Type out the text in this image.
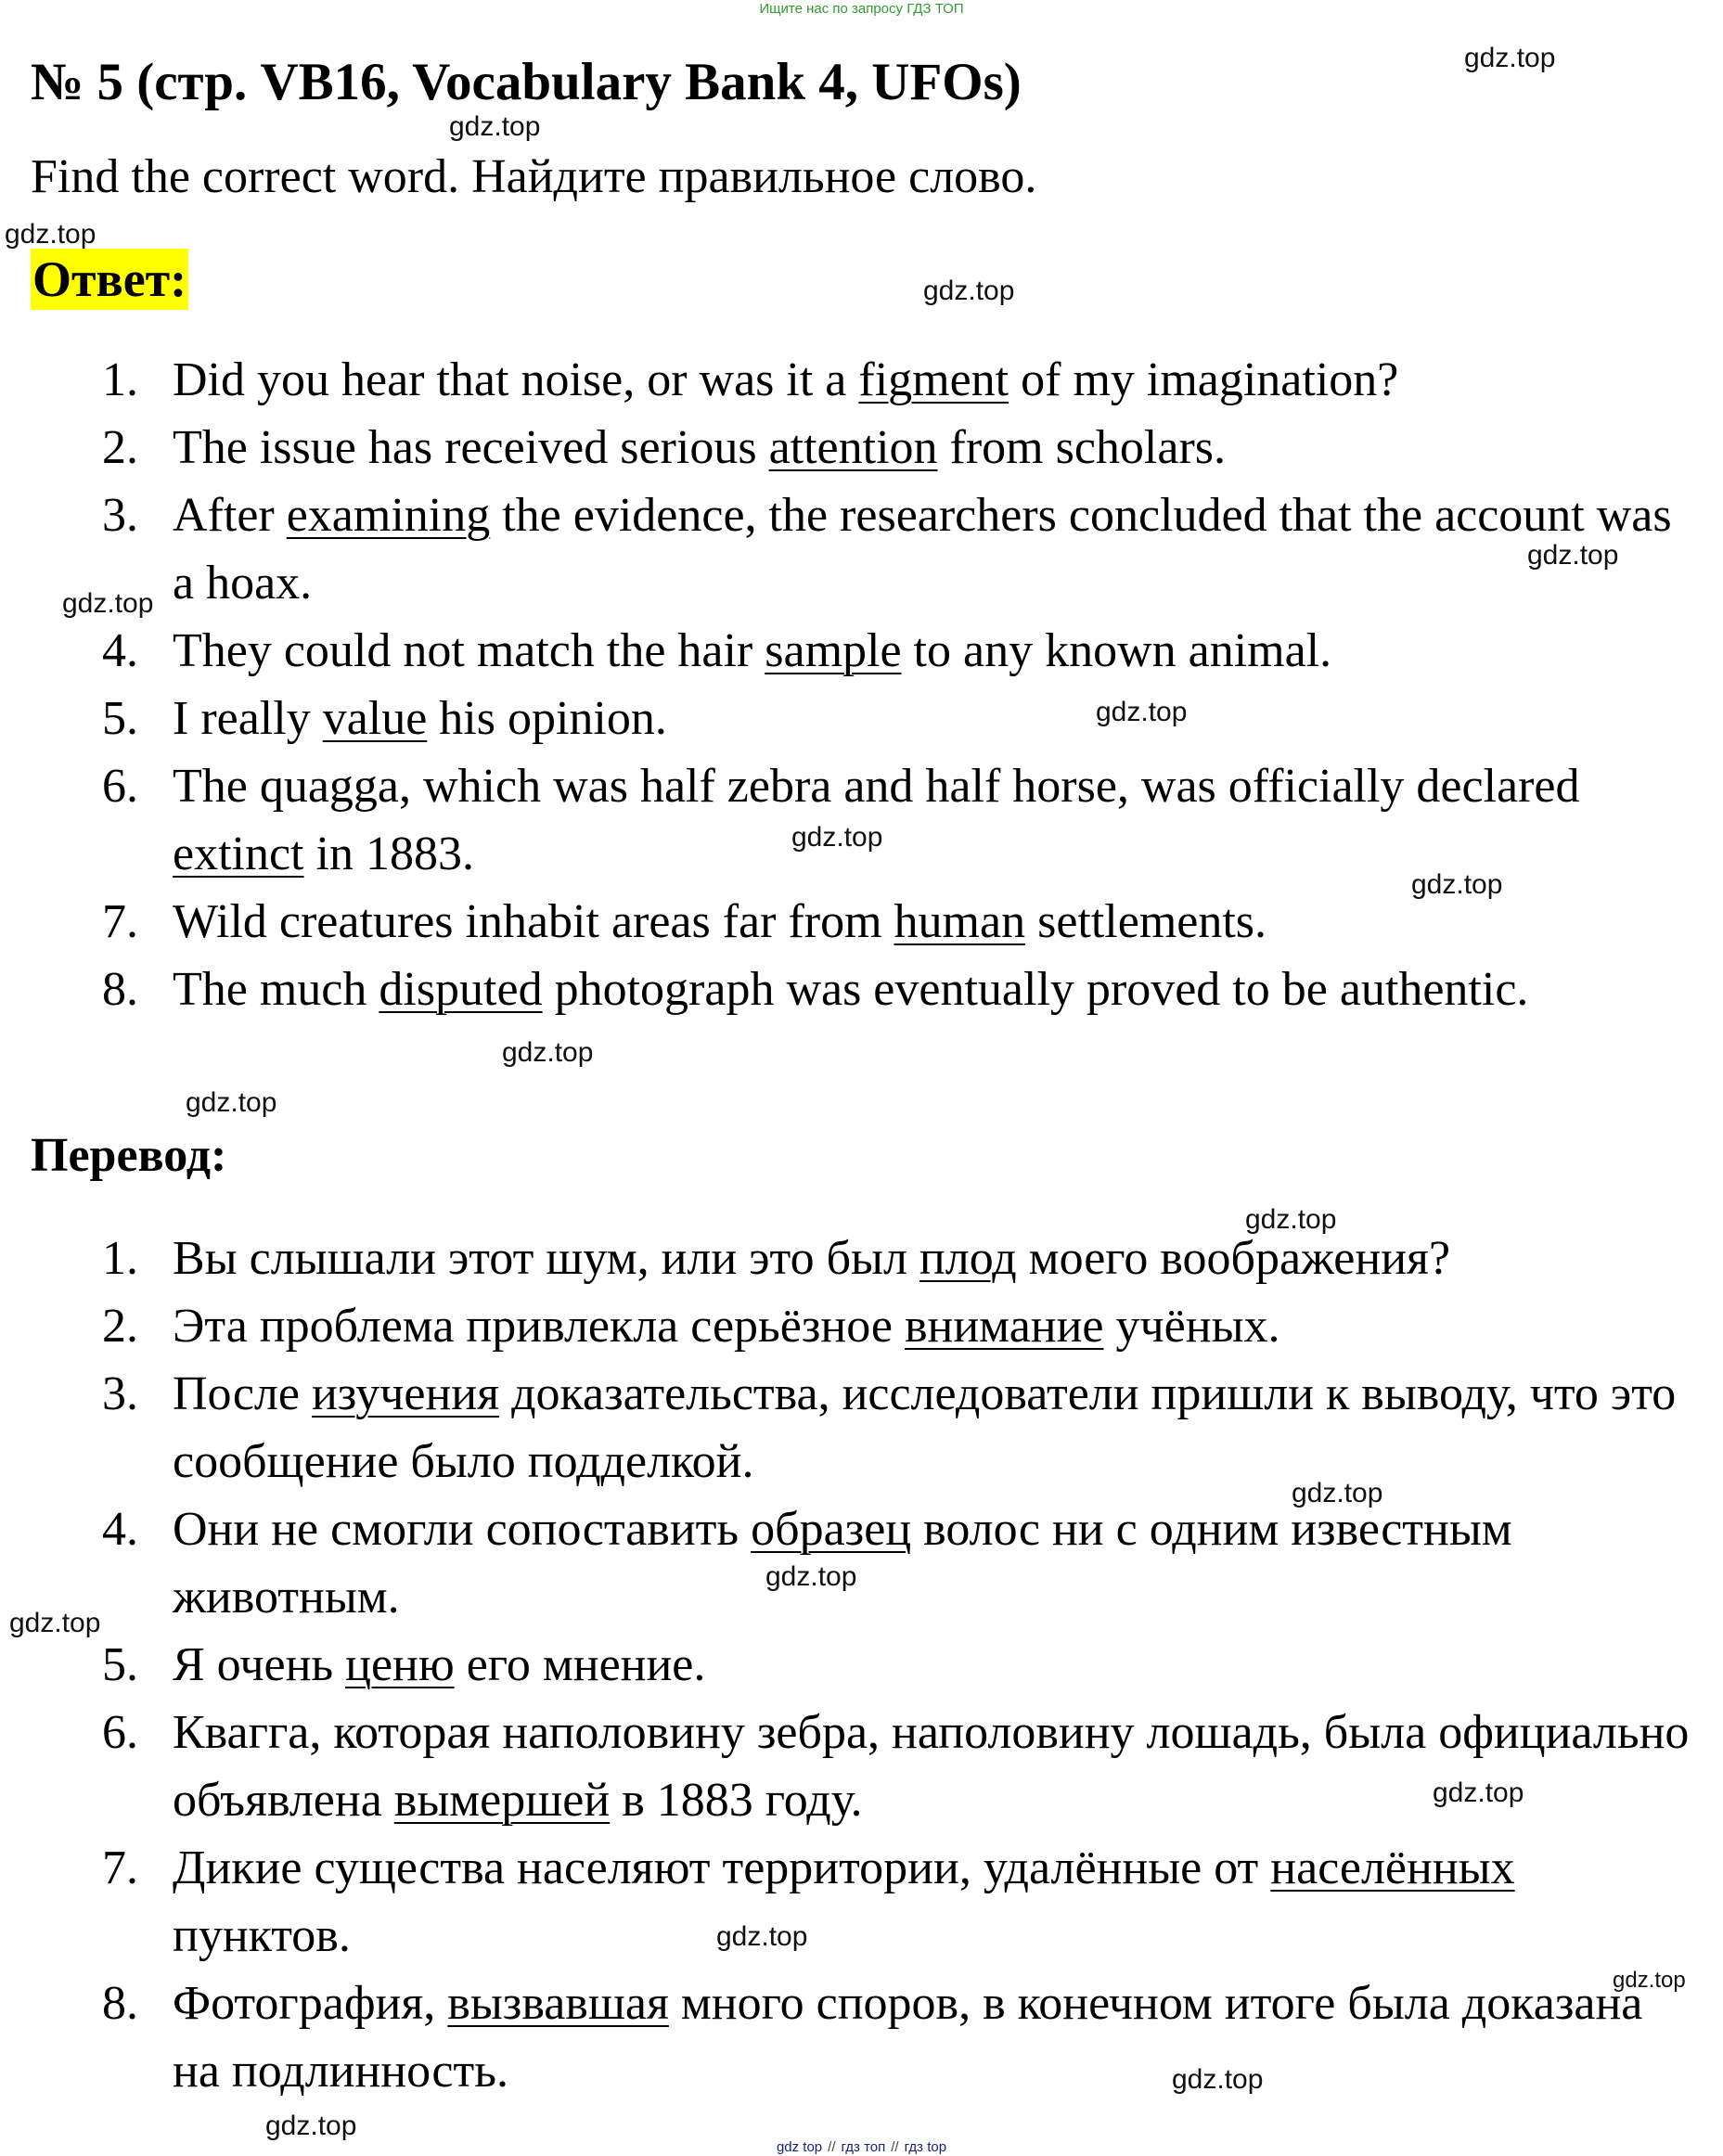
Ищите нас по запросу ГДЗ ТОП
№ 5 (стр. VB16, Vocabulary Bank 4, UFOs)
Find the correct word. Найдите правильное слово.
Ответ:
1. Did you hear that noise, or was it a figment of my imagination?
2. The issue has received serious attention from scholars.
3. After examining the evidence, the researchers concluded that the account was a hoax.
4. They could not match the hair sample to any known animal.
5. I really value his opinion.
6. The quagga, which was half zebra and half horse, was officially declared extinct in 1883.
7. Wild creatures inhabit areas far from human settlements.
8. The much disputed photograph was eventually proved to be authentic.
Перевод:
1. Вы слышали этот шум, или это был плод моего воображения?
2. Эта проблема привлекла серьёзное внимание учёных.
3. После изучения доказательства, исследователи пришли к выводу, что это сообщение было подделкой.
4. Они не смогли сопоставить образец волос ни с одним известным животным.
5. Я очень ценю его мнение.
6. Квагга, которая наполовину зебра, наполовину лошадь, была официально объявлена вымершей в 1883 году.
7. Дикие существа населяют территории, удалённые от населённых пунктов.
8. Фотография, вызвавшая много споров, в конечном итоге была доказана на подлинность.
gdz.top
gdz.top
gdz.top
gdz.top
gdz.top
gdz.top
gdz.top
gdz.top
gdz.top
gdz.top
gdz.top
gdz.top
gdz.top
gdz.top
gdz.top
gdz.top
gdz.top
gdz.top
gdz.top
gdz.top
gdz top // гдз топ // гдз top
